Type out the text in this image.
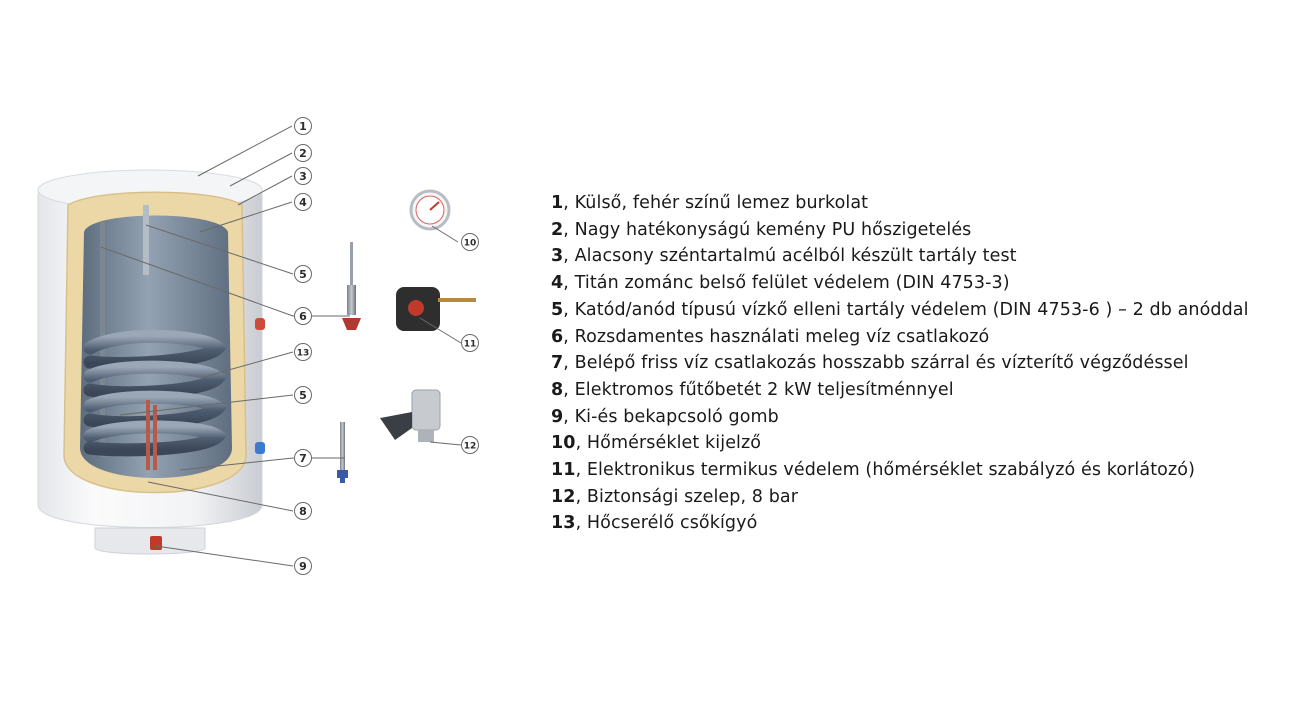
1
2
3
4
5
6
13
5
7
8
9
10
11
12
1, Külső, fehér színű lemez burkolat
2, Nagy hatékonyságú kemény PU hőszigetelés
3, Alacsony széntartalmú acélból készült tartály test
4, Titán zománc belső felület védelem (DIN 4753-3)
5, Katód/anód típusú vízkő elleni tartály védelem (DIN 4753-6 ) – 2 db anóddal
6, Rozsdamentes használati meleg víz csatlakozó
7, Belépő friss víz csatlakozás hosszabb szárral és vízterítő végződéssel
8, Elektromos fűtőbetét 2 kW teljesítménnyel
9, Ki-és bekapcsoló gomb
10, Hőmérséklet kijelző
11, Elektronikus termikus védelem (hőmérséklet szabályzó és korlátozó)
12, Biztonsági szelep, 8 bar
13, Hőcserélő csőkígyó
